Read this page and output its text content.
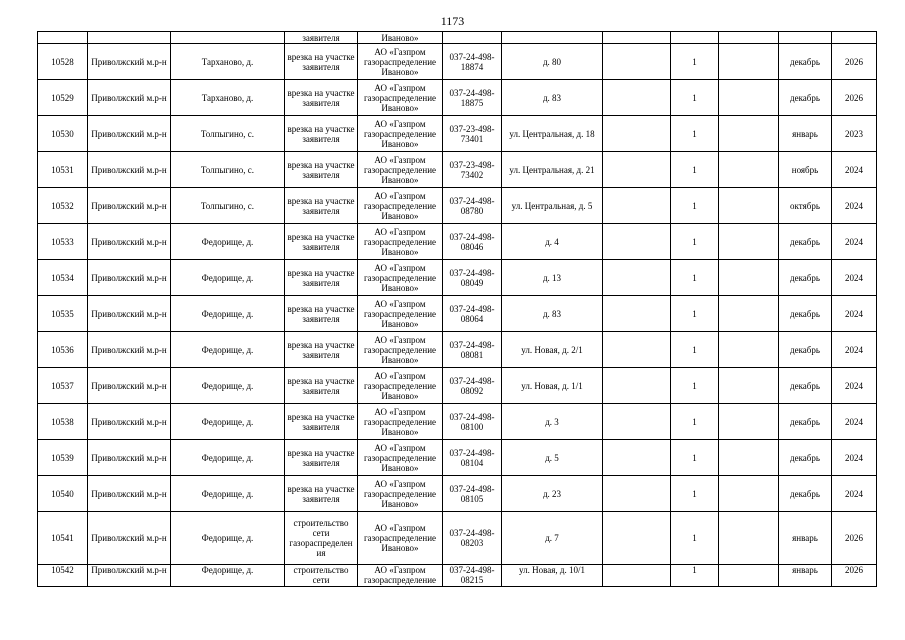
1173
			заявителя	Иваново»							
10528	Приволжский м.р-н	Тарханово, д.	врезка на участке заявителя	АО «Газпром газораспределение Иваново»	037-24-498-18874	д. 80		1		декабрь	2026
10529	Приволжский м.р-н	Тарханово, д.	врезка на участке заявителя	АО «Газпром газораспределение Иваново»	037-24-498-18875	д. 83		1		декабрь	2026
10530	Приволжский м.р-н	Толпыгино, с.	врезка на участке заявителя	АО «Газпром газораспределение Иваново»	037-23-498-73401	ул. Центральная, д. 18		1		январь	2023
10531	Приволжский м.р-н	Толпыгино, с.	врезка на участке заявителя	АО «Газпром газораспределение Иваново»	037-23-498-73402	ул. Центральная, д. 21		1		ноябрь	2024
10532	Приволжский м.р-н	Толпыгино, с.	врезка на участке заявителя	АО «Газпром газораспределение Иваново»	037-24-498-08780	ул. Центральная, д. 5		1		октябрь	2024
10533	Приволжский м.р-н	Федорище, д.	врезка на участке заявителя	АО «Газпром газораспределение Иваново»	037-24-498-08046	д. 4		1		декабрь	2024
10534	Приволжский м.р-н	Федорище, д.	врезка на участке заявителя	АО «Газпром газораспределение Иваново»	037-24-498-08049	д. 13		1		декабрь	2024
10535	Приволжский м.р-н	Федорище, д.	врезка на участке заявителя	АО «Газпром газораспределение Иваново»	037-24-498-08064	д. 83		1		декабрь	2024
10536	Приволжский м.р-н	Федорище, д.	врезка на участке заявителя	АО «Газпром газораспределение Иваново»	037-24-498-08081	ул. Новая, д. 2/1		1		декабрь	2024
10537	Приволжский м.р-н	Федорище, д.	врезка на участке заявителя	АО «Газпром газораспределение Иваново»	037-24-498-08092	ул. Новая, д. 1/1		1		декабрь	2024
10538	Приволжский м.р-н	Федорище, д.	врезка на участке заявителя	АО «Газпром газораспределение Иваново»	037-24-498-08100	д. 3		1		декабрь	2024
10539	Приволжский м.р-н	Федорище, д.	врезка на участке заявителя	АО «Газпром газораспределение Иваново»	037-24-498-08104	д. 5		1		декабрь	2024
10540	Приволжский м.р-н	Федорище, д.	врезка на участке заявителя	АО «Газпром газораспределение Иваново»	037-24-498-08105	д. 23		1		декабрь	2024
10541	Приволжский м.р-н	Федорище, д.	строительство сети газораспределения	АО «Газпром газораспределение Иваново»	037-24-498-08203	д. 7		1		январь	2026
10542	Приволжский м.р-н	Федорище, д.	строительство сети	АО «Газпром газораспределение	037-24-498-08215	ул. Новая, д. 10/1		1		январь	2026
